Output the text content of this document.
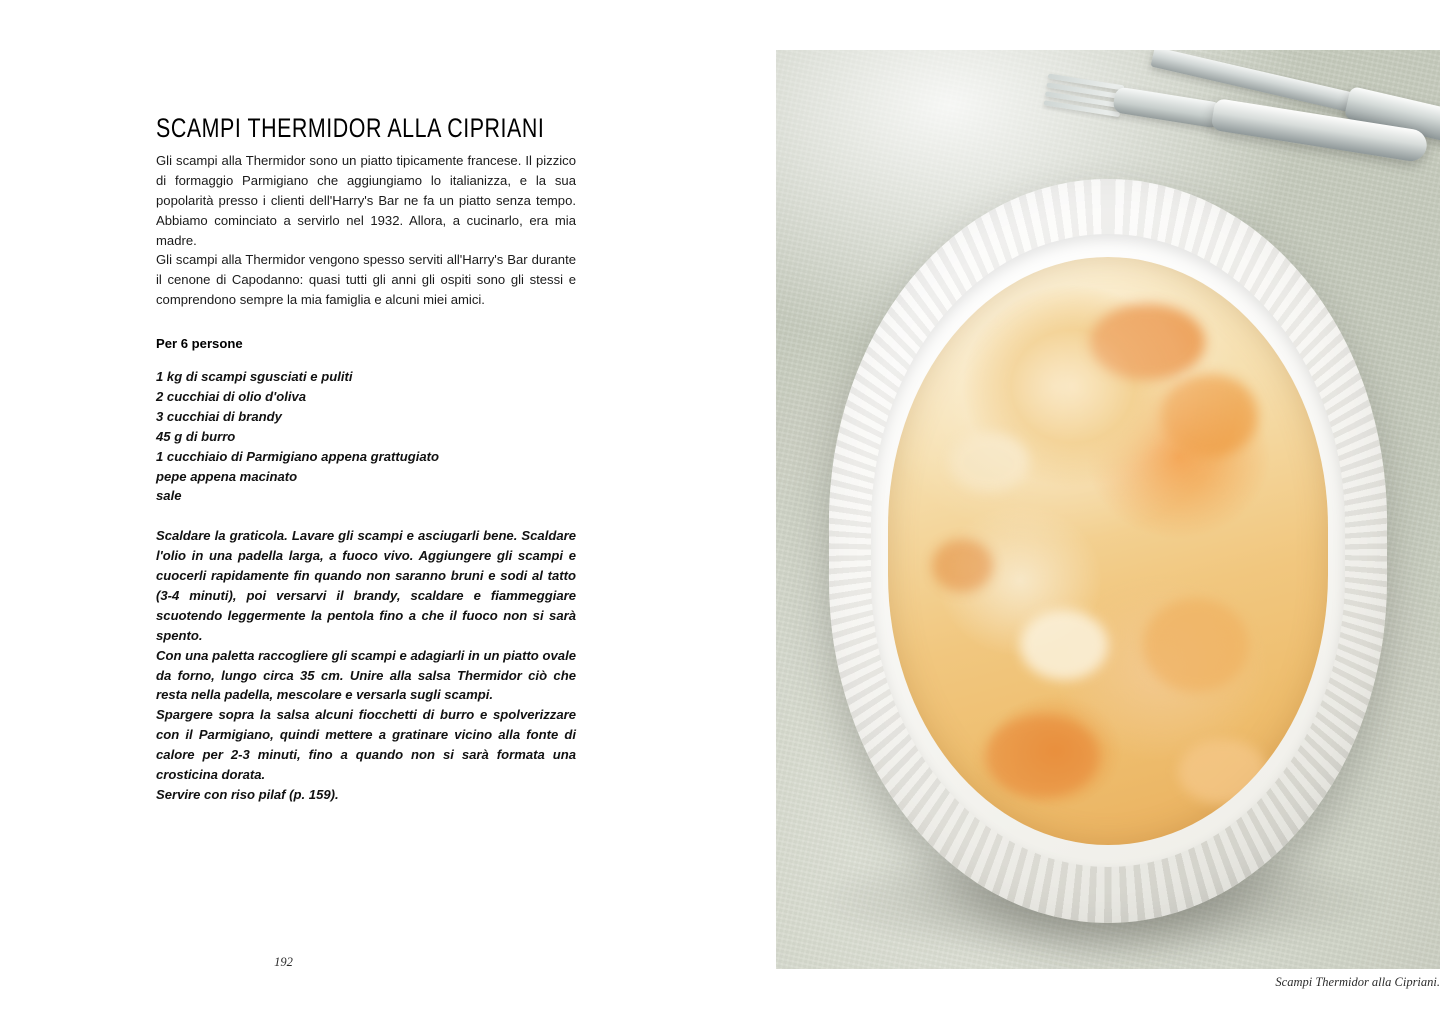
SCAMPI THERMIDOR ALLA CIPRIANI

Gli scampi alla Thermidor sono un piatto tipicamente francese. Il pizzico di formaggio Parmigiano che aggiungiamo lo italianizza, e la sua popolarità presso i clienti dell'Harry's Bar ne fa un piatto senza tempo. Abbiamo cominciato a servirlo nel 1932. Allora, a cucinarlo, era mia madre.

Gli scampi alla Thermidor vengono spesso serviti all'Harry's Bar durante il cenone di Capodanno: quasi tutti gli anni gli ospiti sono gli stessi e comprendono sempre la mia famiglia e alcuni miei amici.

Per 6 persone
1 kg di scampi sgusciati e puliti
2 cucchiai di olio d'oliva
3 cucchiai di brandy
45 g di burro
1 cucchiaio di Parmigiano appena grattugiato
pepe appena macinato
sale

Scaldare la graticola. Lavare gli scampi e asciugarli bene. Scaldare l'olio in una padella larga, a fuoco vivo. Aggiungere gli scampi e cuocerli rapidamente fin quando non saranno bruni e sodi al tatto (3-4 minuti), poi versarvi il brandy, scaldare e fiammeggiare scuotendo leggermente la pentola fino a che il fuoco non si sarà spento.

Con una paletta raccogliere gli scampi e adagiarli in un piatto ovale da forno, lungo circa 35 cm. Unire alla salsa Thermidor ciò che resta nella padella, mescolare e versarla sugli scampi.

Spargere sopra la salsa alcuni fiocchetti di burro e spolverizzare con il Parmigiano, quindi mettere a gratinare vicino alla fonte di calore per 2-3 minuti, fino a quando non si sarà formata una crosticina dorata.

Servire con riso pilaf (p. 159).

192
Scampi Thermidor alla Cipriani.
